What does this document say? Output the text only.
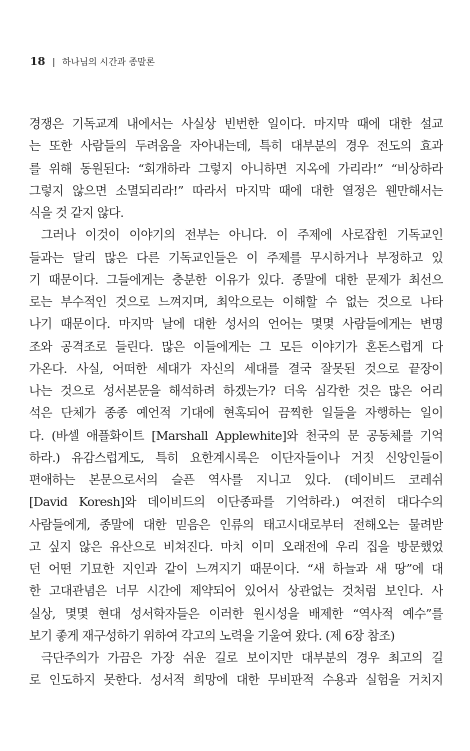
18 | 하나님의 시간과 종말론
경쟁은 기독교계 내에서는 사실상 빈번한 일이다. 마지막 때에 대한 설교
는 또한 사람들의 두려움을 자아내는데, 특히 대부분의 경우 전도의 효과
를 위해 동원된다: “회개하라 그렇지 아니하면 지옥에 가리라!” “비상하라
그렇지 않으면 소멸되리라!” 따라서 마지막 때에 대한 열정은 웬만해서는
식을 것 같지 않다.
그러나 이것이 이야기의 전부는 아니다. 이 주제에 사로잡힌 기독교인
들과는 달리 많은 다른 기독교인들은 이 주제를 무시하거나 부정하고 있
기 때문이다. 그들에게는 충분한 이유가 있다. 종말에 대한 문제가 최선으
로는 부수적인 것으로 느껴지며, 최악으로는 이해할 수 없는 것으로 나타
나기 때문이다. 마지막 날에 대한 성서의 언어는 몇몇 사람들에게는 변명
조와 공격조로 들린다. 많은 이들에게는 그 모든 이야기가 혼돈스럽게 다
가온다. 사실, 어떠한 세대가 자신의 세대를 결국 잘못된 것으로 끝장이
나는 것으로 성서본문을 해석하려 하겠는가? 더욱 심각한 것은 많은 어리
석은 단체가 종종 예언적 기대에 현혹되어 끔찍한 일들을 자행하는 일이
다. (바셀 애플화이트 [Marshall Applewhite]와 천국의 문 공동체를 기억
하라.) 유감스럽게도, 특히 요한계시록은 이단자들이나 거짓 신앙인들이
편애하는 본문으로서의 슬픈 역사를 지니고 있다. (데이비드 코레쉬
[David Koresh]와 데이비드의 이단종파를 기억하라.) 여전히 대다수의
사람들에게, 종말에 대한 믿음은 인류의 태고시대로부터 전해오는 물려받
고 싶지 않은 유산으로 비쳐진다. 마치 이미 오래전에 우리 집을 방문했었
던 어떤 기묘한 지인과 같이 느껴지기 때문이다. “새 하늘과 새 땅”에 대
한 고대관념은 너무 시간에 제약되어 있어서 상관없는 것처럼 보인다. 사
실상, 몇몇 현대 성서학자들은 이러한 원시성을 배제한 “역사적 예수”를
보기 좋게 재구성하기 위하여 각고의 노력을 기울여 왔다. (제 6장 참조)
극단주의가 가끔은 가장 쉬운 길로 보이지만 대부분의 경우 최고의 길
로 인도하지 못한다. 성서적 희망에 대한 무비판적 수용과 실험을 거치지
